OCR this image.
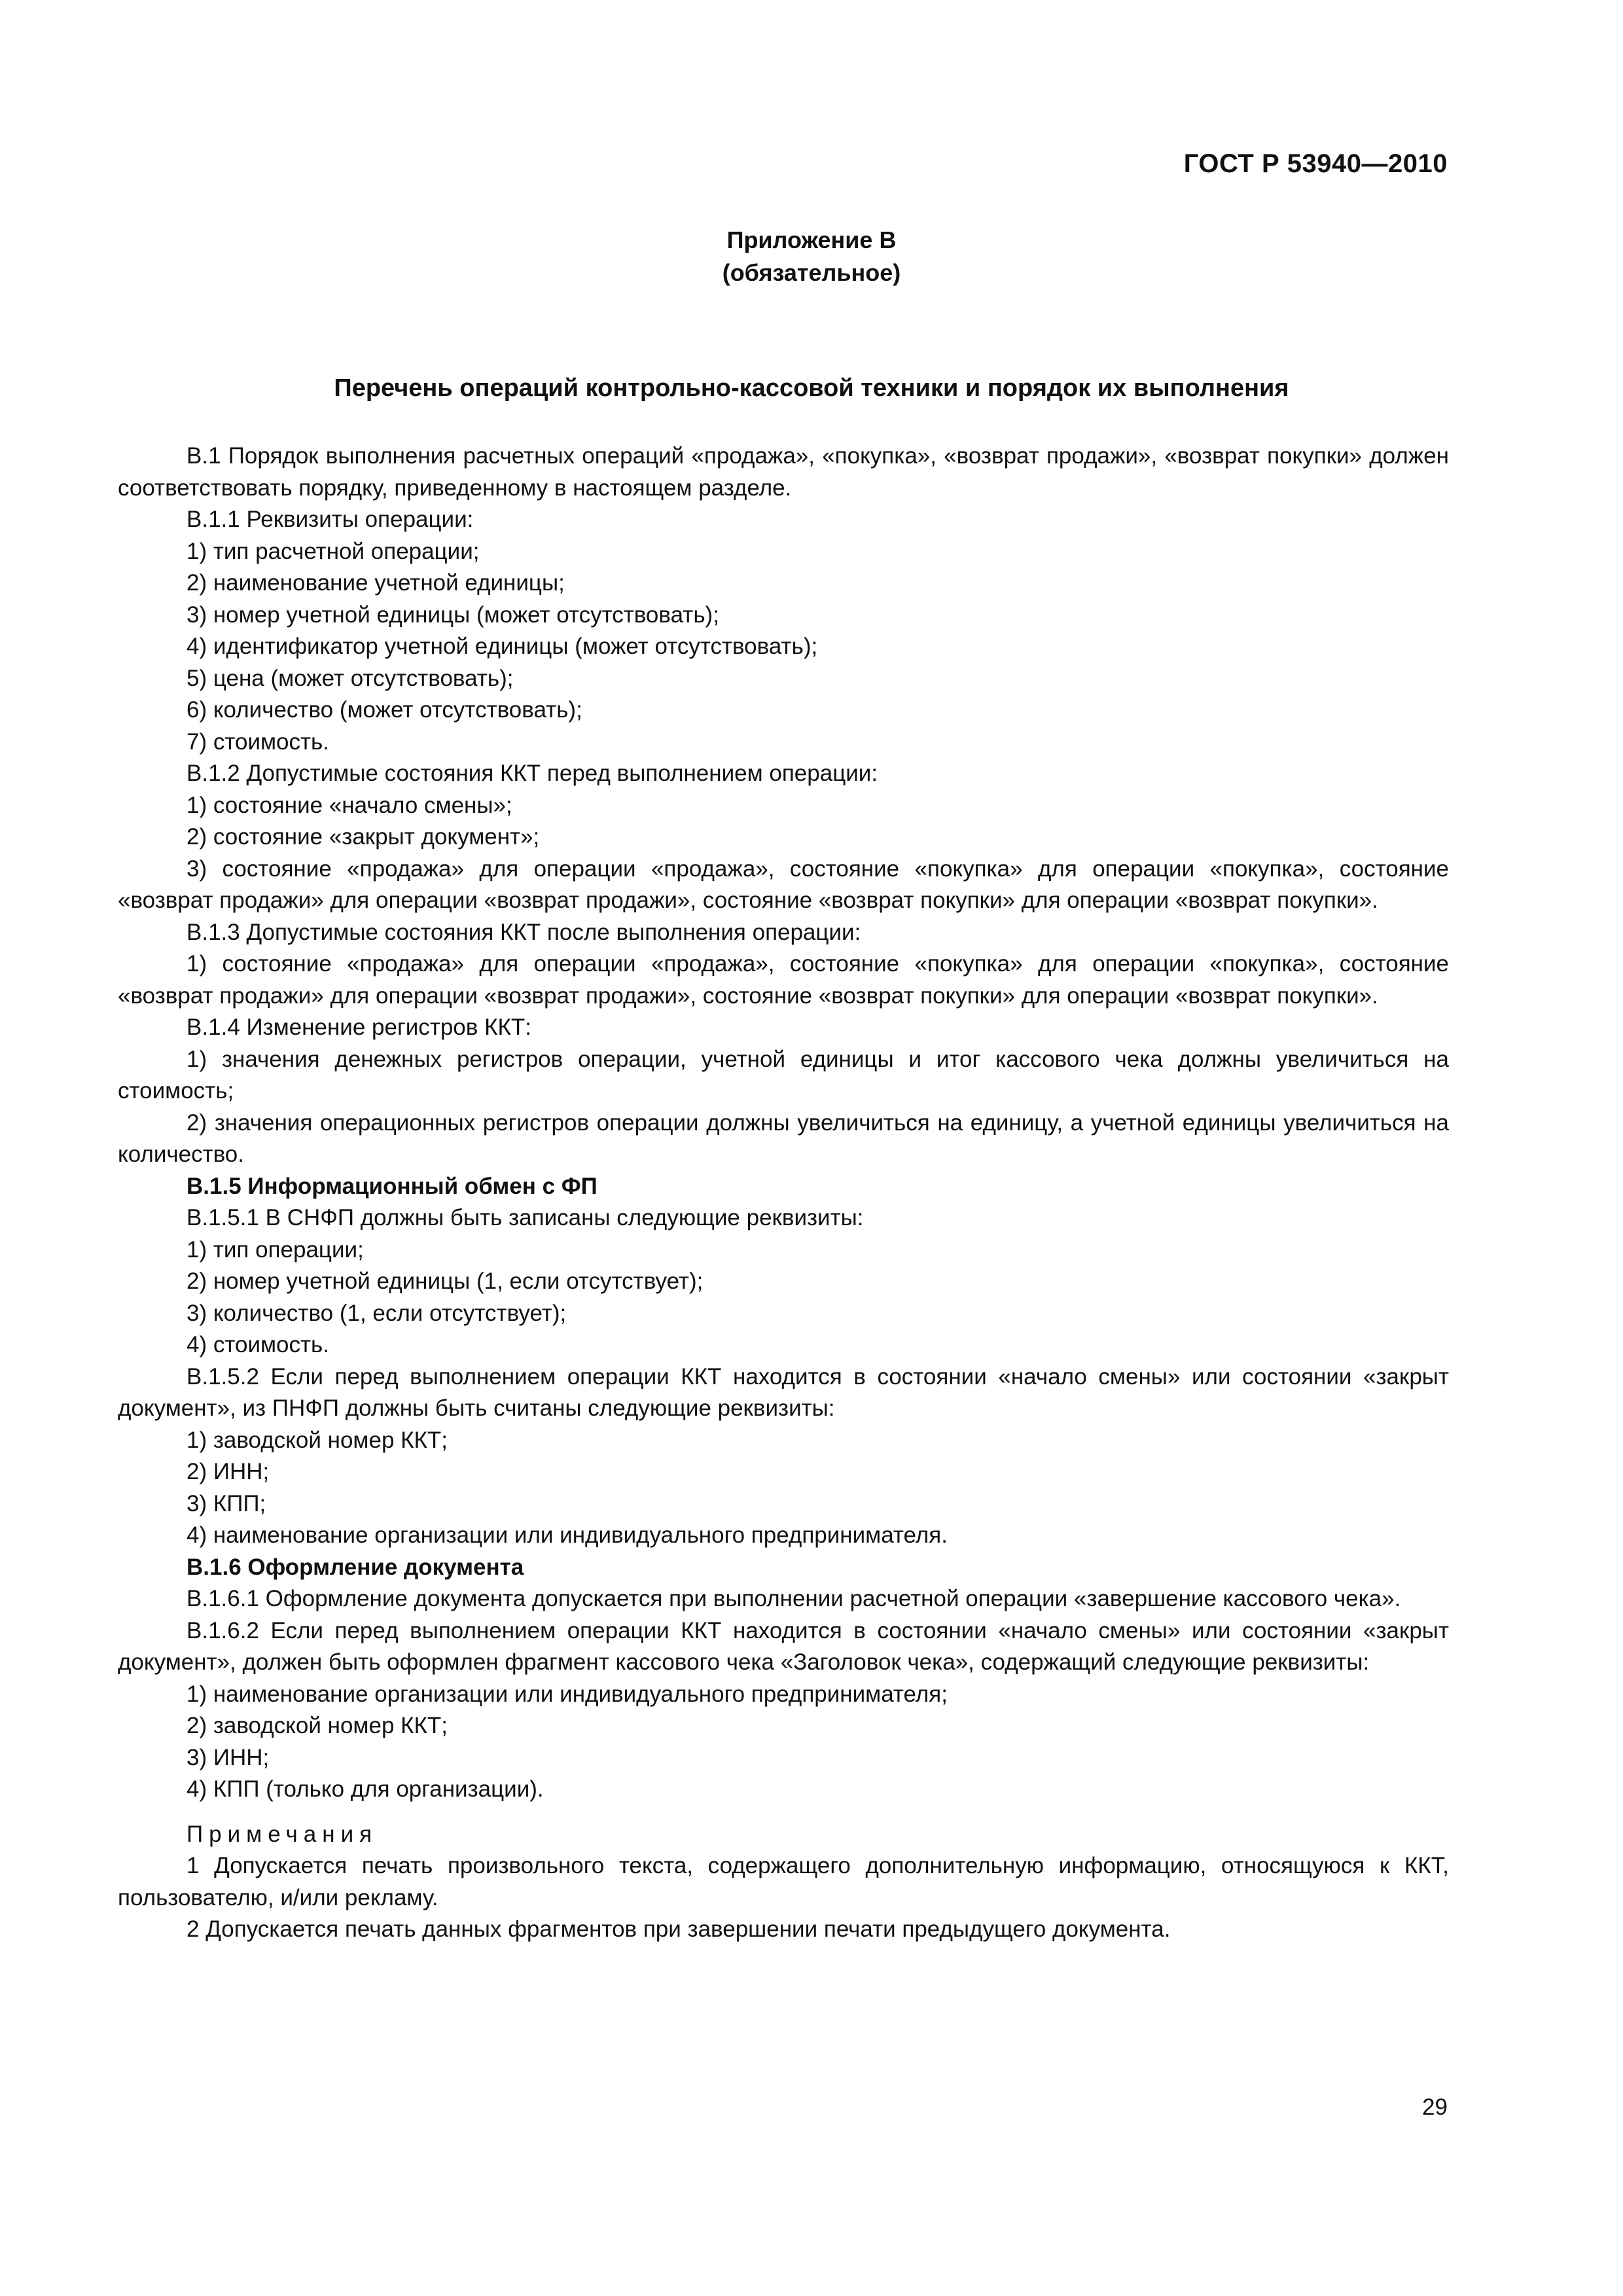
ГОСТ Р 53940—2010
Приложение В
(обязательное)
Перечень операций контрольно-кассовой техники и порядок их выполнения

В.1 Порядок выполнения расчетных операций «продажа», «покупка», «возврат продажи», «возврат покупки» должен соответствовать порядку, приведенному в настоящем разделе.

В.1.1 Реквизиты операции:

1) тип расчетной операции;

2) наименование учетной единицы;

3) номер учетной единицы (может отсутствовать);

4) идентификатор учетной единицы (может отсутствовать);

5) цена (может отсутствовать);

6) количество (может отсутствовать);

7) стоимость.

В.1.2 Допустимые состояния ККТ перед выполнением операции:

1) состояние «начало смены»;

2) состояние «закрыт документ»;

3) состояние «продажа» для операции «продажа», состояние «покупка» для операции «покупка», состояние «возврат продажи» для операции «возврат продажи», состояние «возврат покупки» для операции «возврат покупки».

В.1.3 Допустимые состояния ККТ после выполнения операции:

1) состояние «продажа» для операции «продажа», состояние «покупка» для операции «покупка», состояние «возврат продажи» для операции «возврат продажи», состояние «возврат покупки» для операции «возврат покупки».

В.1.4 Изменение регистров ККТ:

1) значения денежных регистров операции, учетной единицы и итог кассового чека должны увеличиться на стоимость;

2) значения операционных регистров операции должны увеличиться на единицу, а учетной единицы увеличиться на количество.

В.1.5 Информационный обмен с ФП

В.1.5.1 В СНФП должны быть записаны следующие реквизиты:

1) тип операции;

2) номер учетной единицы (1, если отсутствует);

3) количество (1, если отсутствует);

4) стоимость.

В.1.5.2 Если перед выполнением операции ККТ находится в состоянии «начало смены» или состоянии «закрыт документ», из ПНФП должны быть считаны следующие реквизиты:

1) заводской номер ККТ;

2) ИНН;

3) КПП;

4) наименование организации или индивидуального предпринимателя.

В.1.6 Оформление документа

В.1.6.1 Оформление документа допускается при выполнении расчетной операции «завершение кассового чека».

В.1.6.2 Если перед выполнением операции ККТ находится в состоянии «начало смены» или состоянии «закрыт документ», должен быть оформлен фрагмент кассового чека «Заголовок чека», содержащий следующие реквизиты:

1) наименование организации или индивидуального предпринимателя;

2) заводской номер ККТ;

3) ИНН;

4) КПП (только для организации).

Примечания

1 Допускается печать произвольного текста, содержащего дополнительную информацию, относящуюся к ККТ, пользователю, и/или рекламу.

2 Допускается печать данных фрагментов при завершении печати предыдущего документа.

29
